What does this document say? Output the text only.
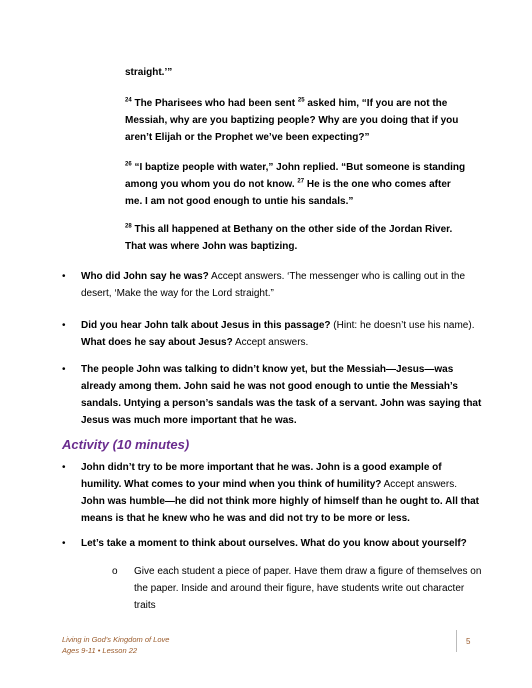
straight.’”
$^{24}$ The Pharisees who had been sent $^{25}$ asked him, “If you are not the Messiah, why are you baptizing people? Why are you doing that if you aren’t Elijah or the Prophet we’ve been expecting?”
$^{26}$ “I baptize people with water,” John replied. “But someone is standing among you whom you do not know. $^{27}$ He is the one who comes after me. I am not good enough to untie his sandals.”
$^{28}$ This all happened at Bethany on the other side of the Jordan River. That was where John was baptizing.
• Who did John say he was? Accept answers. ‘The messenger who is calling out in the desert, ‘Make the way for the Lord straight.”
• Did you hear John talk about Jesus in this passage? (Hint: he doesn’t use his name). What does he say about Jesus? Accept answers.
• The people John was talking to didn’t know yet, but the Messiah—Jesus—was already among them. John said he was not good enough to untie the Messiah’s sandals. Untying a person’s sandals was the task of a servant. John was saying that Jesus was much more important that he was.
Activity (10 minutes)
• John didn’t try to be more important that he was. John is a good example of humility. What comes to your mind when you think of humility? Accept answers. John was humble—he did not think more highly of himself than he ought to. All that means is that he knew who he was and did not try to be more or less.
• Let’s take a moment to think about ourselves. What do you know about yourself?
o Give each student a piece of paper. Have them draw a figure of themselves on the paper. Inside and around their figure, have students write out character traits
Living in God’s Kingdom of Love
Ages 9-11 • Lesson 22
5
